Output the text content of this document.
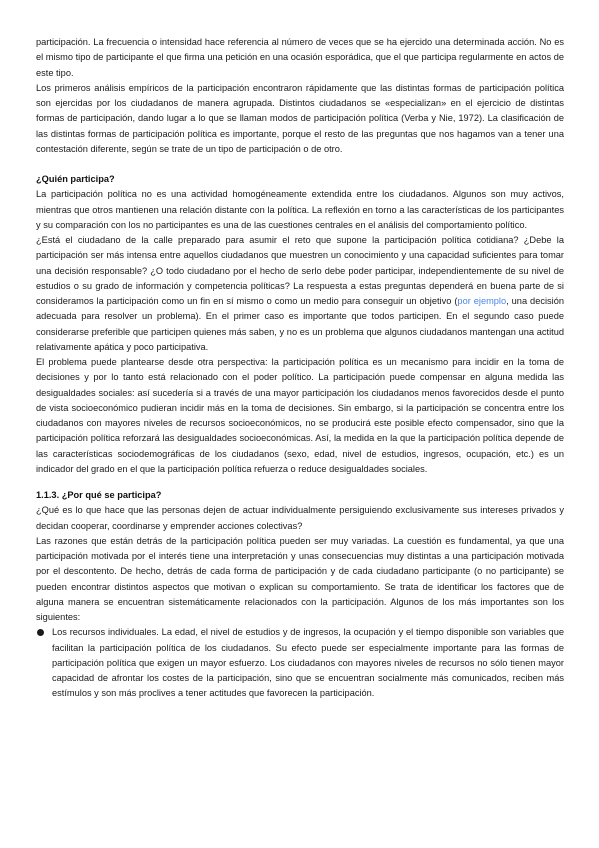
participación. La frecuencia o intensidad hace referencia al número de veces que se ha ejercido una determinada acción. No es el mismo tipo de participante el que firma una petición en una ocasión esporádica, que el que participa regularmente en actos de este tipo.

Los primeros análisis empíricos de la participación encontraron rápidamente que las distintas formas de participación política son ejercidas por los ciudadanos de manera agrupada. Distintos ciudadanos se «especializan» en el ejercicio de distintas formas de participación, dando lugar a lo que se llaman modos de participación política (Verba y Nie, 1972). La clasificación de las distintas formas de participación política es importante, porque el resto de las preguntas que nos hagamos van a tener una contestación diferente, según se trate de un tipo de participación o de otro.

¿Quién participa?

La participación política no es una actividad homogéneamente extendida entre los ciudadanos. Algunos son muy activos, mientras que otros mantienen una relación distante con la política. La reflexión en torno a las características de los participantes y su comparación con los no participantes es una de las cuestiones centrales en el análisis del comportamiento político.

¿Está el ciudadano de la calle preparado para asumir el reto que supone la participación política cotidiana? ¿Debe la participación ser más intensa entre aquellos ciudadanos que muestren un conocimiento y una capacidad suficientes para tomar una decisión responsable? ¿O todo ciudadano por el hecho de serlo debe poder participar, independientemente de su nivel de estudios o su grado de información y competencia políticas? La respuesta a estas preguntas dependerá en buena parte de si consideramos la participación como un fin en sí mismo o como un medio para conseguir un objetivo (por ejemplo, una decisión adecuada para resolver un problema). En el primer caso es importante que todos participen. En el segundo caso puede considerarse preferible que participen quienes más saben, y no es un problema que algunos ciudadanos mantengan una actitud relativamente apática y poco participativa.

El problema puede plantearse desde otra perspectiva: la participación política es un mecanismo para incidir en la toma de decisiones y por lo tanto está relacionado con el poder político. La participación puede compensar en alguna medida las desigualdades sociales: así sucedería si a través de una mayor participación los ciudadanos menos favorecidos desde el punto de vista socioeconómico pudieran incidir más en la toma de decisiones. Sin embargo, si la participación se concentra entre los ciudadanos con mayores niveles de recursos socioeconómicos, no se producirá este posible efecto compensador, sino que la participación política reforzará las desigualdades socioeconómicas. Así, la medida en la que la participación política depende de las características sociodemográficas de los ciudadanos (sexo, edad, nivel de estudios, ingresos, ocupación, etc.) es un indicador del grado en el que la participación política refuerza o reduce desigualdades sociales.

1.1.3. ¿Por qué se participa?

¿Qué es lo que hace que las personas dejen de actuar individualmente persiguiendo exclusivamente sus intereses privados y decidan cooperar, coordinarse y emprender acciones colectivas?

Las razones que están detrás de la participación política pueden ser muy variadas. La cuestión es fundamental, ya que una participación motivada por el interés tiene una interpretación y unas consecuencias muy distintas a una participación motivada por el descontento. De hecho, detrás de cada forma de participación y de cada ciudadano participante (o no participante) se pueden encontrar distintos aspectos que motivan o explican su comportamiento. Se trata de identificar los factores que de alguna manera se encuentran sistemáticamente relacionados con la participación. Algunos de los más importantes son los siguientes:

Los recursos individuales. La edad, el nivel de estudios y de ingresos, la ocupación y el tiempo disponible son variables que facilitan la participación política de los ciudadanos. Su efecto puede ser especialmente importante para las formas de participación política que exigen un mayor esfuerzo. Los ciudadanos con mayores niveles de recursos no sólo tienen mayor capacidad de afrontar los costes de la participación, sino que se encuentran socialmente más comunicados, reciben más estímulos y son más proclives a tener actitudes que favorecen la participación.
